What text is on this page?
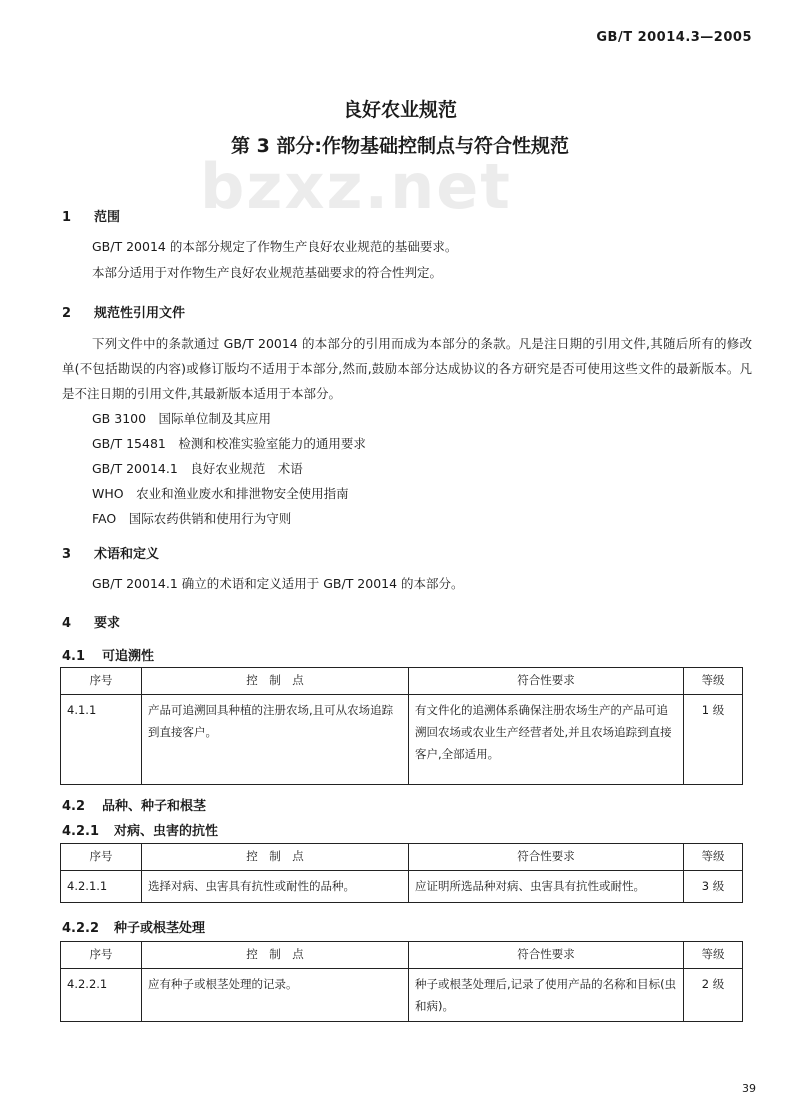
GB/T 20014.3—2005
bzxz.net
良好农业规范
第 3 部分:作物基础控制点与符合性规范
1 范围
GB/T 20014 的本部分规定了作物生产良好农业规范的基础要求。
本部分适用于对作物生产良好农业规范基础要求的符合性判定。
2 规范性引用文件
下列文件中的条款通过 GB/T 20014 的本部分的引用而成为本部分的条款。凡是注日期的引用文件,其随后所有的修改单(不包括勘误的内容)或修订版均不适用于本部分,然而,鼓励本部分达成协议的各方研究是否可使用这些文件的最新版本。凡是不注日期的引用文件,其最新版本适用于本部分。
GB 3100　国际单位制及其应用
GB/T 15481　检测和校准实验室能力的通用要求
GB/T 20014.1　良好农业规范　术语
WHO　农业和渔业废水和排泄物安全使用指南
FAO　国际农药供销和使用行为守则
3 术语和定义
GB/T 20014.1 确立的术语和定义适用于 GB/T 20014 的本部分。
4 要求
4.1 可追溯性
序号	控　制　点	符合性要求	等级
4.1.1	产品可追溯回具种植的注册农场,且可从农场追踪到直接客户。	有文件化的追溯体系确保注册农场生产的产品可追溯回农场或农业生产经营者处,并且农场追踪到直接客户,全部适用。	1 级
4.2 品种、种子和根茎
4.2.1 对病、虫害的抗性
序号	控　制　点	符合性要求	等级
4.2.1.1	选择对病、虫害具有抗性或耐性的品种。	应证明所选品种对病、虫害具有抗性或耐性。	3 级
4.2.2 种子或根茎处理
序号	控　制　点	符合性要求	等级
4.2.2.1	应有种子或根茎处理的记录。	种子或根茎处理后,记录了使用产品的名称和目标(虫和病)。	2 级
39
